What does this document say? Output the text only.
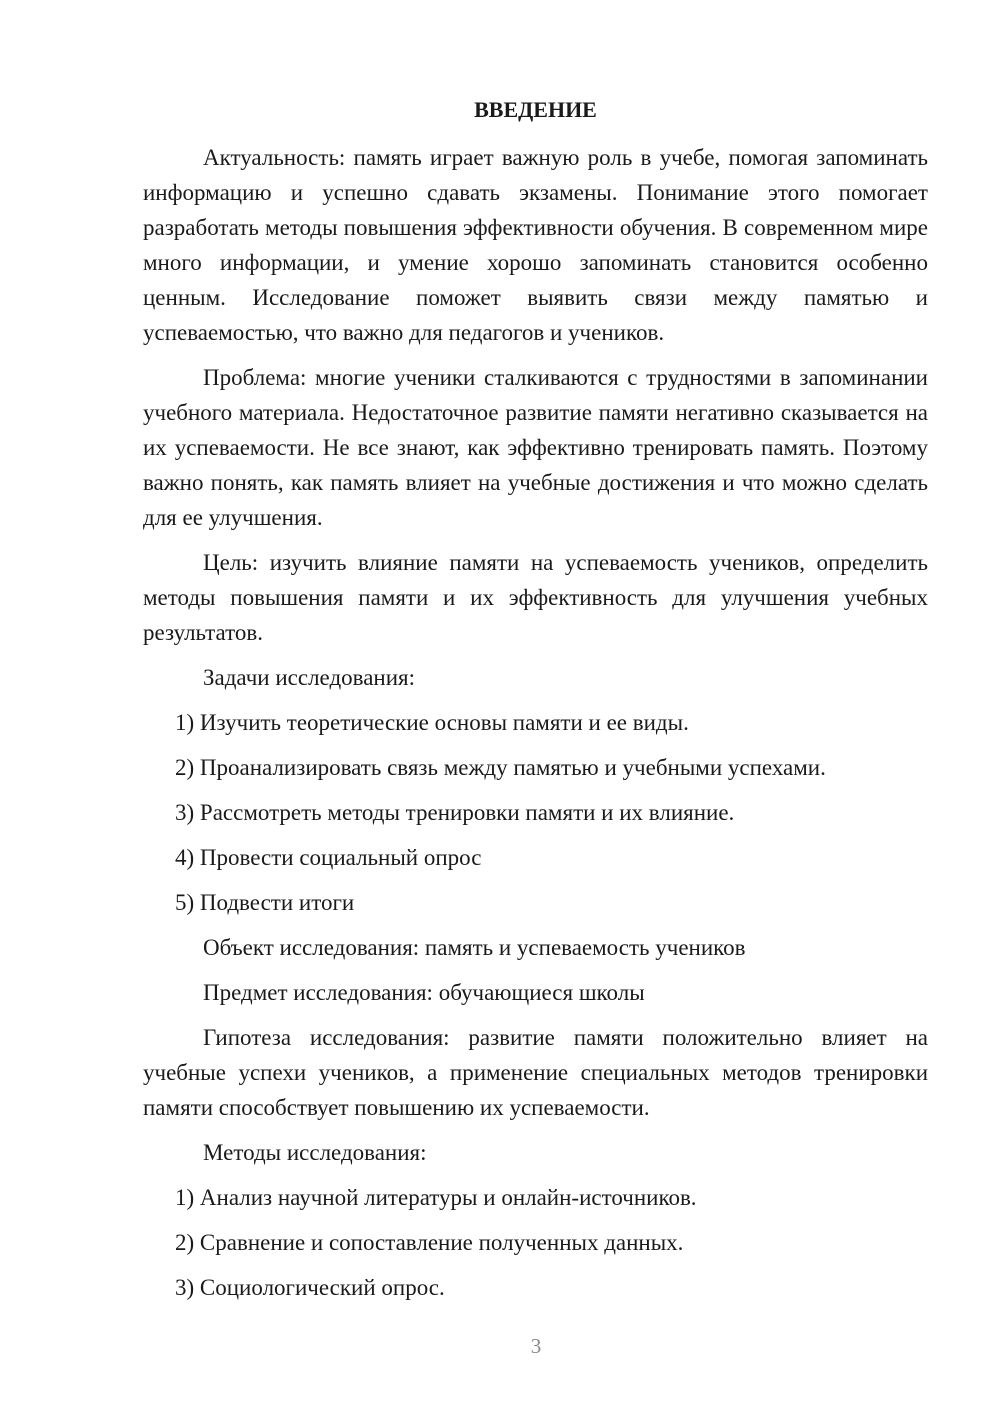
ВВЕДЕНИЕ

Актуальность: память играет важную роль в учебе, помогая запоминать информацию и успешно сдавать экзамены. Понимание этого помогает разработать методы повышения эффективности обучения. В современном мире много информации, и умение хорошо запоминать становится особенно ценным. Исследование поможет выявить связи между памятью и успеваемостью, что важно для педагогов и учеников.

Проблема: многие ученики сталкиваются с трудностями в запоминании учебного материала. Недостаточное развитие памяти негативно сказывается на их успеваемости. Не все знают, как эффективно тренировать память. Поэтому важно понять, как память влияет на учебные достижения и что можно сделать для ее улучшения.

Цель: изучить влияние памяти на успеваемость учеников, определить методы повышения памяти и их эффективность для улучшения учебных результатов.

Задачи исследования:

1) Изучить теоретические основы памяти и ее виды.

2) Проанализировать связь между памятью и учебными успехами.

3) Рассмотреть методы тренировки памяти и их влияние.

4) Провести социальный опрос

5) Подвести итоги

Объект исследования: память и успеваемость учеников

Предмет исследования: обучающиеся школы

Гипотеза исследования: развитие памяти положительно влияет на учебные успехи учеников, а применение специальных методов тренировки памяти способствует повышению их успеваемости.

Методы исследования:

1) Анализ научной литературы и онлайн-источников.

2) Сравнение и сопоставление полученных данных.

3) Социологический опрос.

3
